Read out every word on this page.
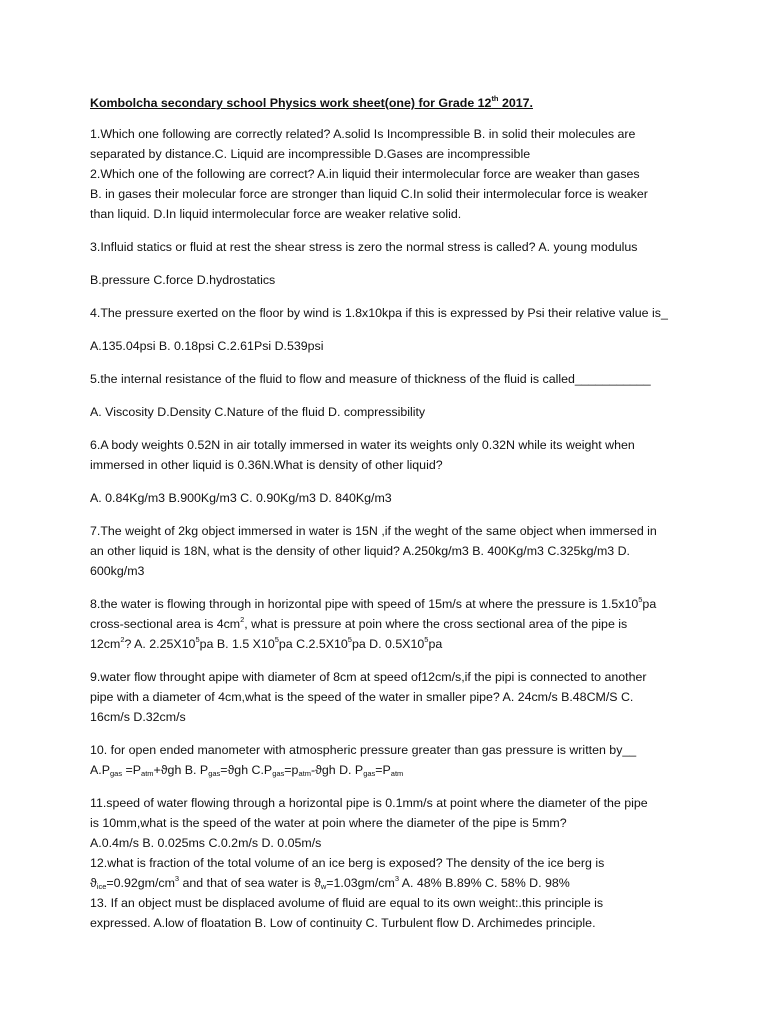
Kombolcha secondary school Physics work sheet(one) for Grade 12th 2017.
1.Which one following are correctly related? A.solid Is Incompressible B. in solid their molecules are
separated by distance.C. Liquid are incompressible D.Gases are incompressible
2.Which one of the following are correct? A.in liquid their intermolecular force are weaker than gases
B. in gases their molecular force are stronger than liquid C.In solid their intermolecular force is weaker
than liquid. D.In liquid intermolecular force are weaker relative solid.
3.Influid statics or fluid at rest the shear stress is zero the normal stress is called? A. young modulus
B.pressure C.force D.hydrostatics
4.The pressure exerted on the floor by wind is 1.8x10kpa if this is expressed by Psi their relative value is_
A.135.04psi B. 0.18psi C.2.61Psi D.539psi
5.the internal resistance of the fluid to flow and measure of thickness of the fluid is called___________
A. Viscosity D.Density C.Nature of the fluid D. compressibility
6.A body weights 0.52N in air totally immersed in water its weights only 0.32N while its weight when
immersed in other liquid is 0.36N.What is density of other liquid?
A. 0.84Kg/m3 B.900Kg/m3 C. 0.90Kg/m3 D. 840Kg/m3
7.The weight of 2kg object immersed in water is 15N ,if the weght of the same object when immersed in
an other liquid is 18N, what is the density of other liquid? A.250kg/m3 B. 400Kg/m3 C.325kg/m3 D.
600kg/m3
8.the water is flowing through in horizontal pipe with speed of 15m/s at where the pressure is $1.5x10^5pa$
cross-sectional area is $4cm^2$, what is pressure at poin where the cross sectional area of the pipe is
$12cm^2$? A. $2.25X10^5pa$ B. 1.5 $X10^5pa$ $C.2.5X10^5pa$ D. $0.5X10^5pa$
9.water flow throught apipe with diameter of 8cm at speed of12cm/s,if the pipi is connected to another
pipe with a diameter of 4cm,what is the speed of the water in smaller pipe? A. 24cm/s B.48CM/S C.
16cm/s D.32cm/s
10. for open ended manometer with atmospheric pressure greater than gas pressure is written by__
$A.P_{gas} =P_{atm}+ϑgh$ B. $P_{gas}=ϑgh$ $C.P_{gas}=p_{atm}$-ϑgh D. $P_{gas}=P_{atm}$
11.speed of water flowing through a horizontal pipe is 0.1mm/s at point where the diameter of the pipe
is 10mm,what is the speed of the water at poin where the diameter of the pipe is 5mm?
A.0.4m/s B. 0.025ms C.0.2m/s D. 0.05m/s
12.what is fraction of the total volume of an ice berg is exposed? The density of the ice berg is
$ϑ_{ice}=0.92gm/cm^3$ and that of sea water is $ϑ_w=1.03gm/cm^3$ A. 48% B.89% C. 58% D. 98%
13. If an object must be displaced avolume of fluid are equal to its own weight:.this principle is
expressed. A.low of floatation B. Low of continuity C. Turbulent flow D. Archimedes principle.
